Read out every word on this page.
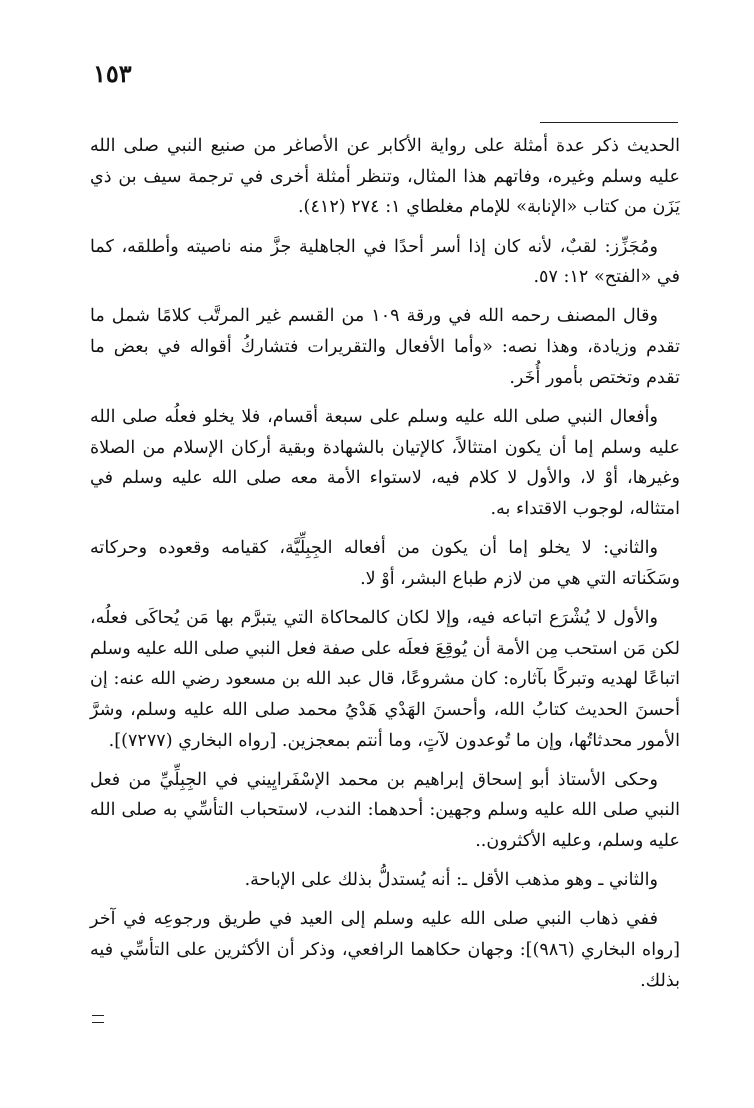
١٥٣

الحديث ذكر عدة أمثلة على رواية الأكابر عن الأصاغر من صنيع النبي صلى الله عليه وسلم وغيره، وفاتهم هذا المثال، وتنظر أمثلة أخرى في ترجمة سيف بن ذي يَزَن من كتاب «الإنابة» للإمام مغلطاي ١: ٢٧٤ (٤١٢).

ومُجَزِّز: لقبٌ، لأنه كان إذا أسر أحدًا في الجاهلية جزَّ منه ناصيته وأطلقه، كما في «الفتح» ١٢: ٥٧.

وقال المصنف رحمه الله في ورقة ١٠٩ من القسم غير المرتَّب كلامًا شمل ما تقدم وزيادة، وهذا نصه: «وأما الأفعال والتقريرات فتشاركُ أقواله في بعض ما تقدم وتختص بأمور أُخَر.

وأفعال النبي صلى الله عليه وسلم على سبعة أقسام، فلا يخلو فعلُه صلى الله عليه وسلم إما أن يكون امتثالاً، كالإتيان بالشهادة وبقية أركان الإسلام من الصلاة وغيرها، أوْ لا، والأول لا كلام فيه، لاستواء الأمة معه صلى الله عليه وسلم في امتثاله، لوجوب الاقتداء به.

والثاني: لا يخلو إما أن يكون من أفعاله الجِبِلِّيَّة، كقيامه وقعوده وحركاته وسَكَناته التي هي من لازم طباع البشر، أوْ لا.

والأول لا يُشْرَع اتباعه فيه، وإلا لكان كالمحاكاة التي يتبرَّم بها مَن يُحاكَى فعلُه، لكن مَن استحب مِن الأمة أن يُوقِعَ فعلَه على صفة فعل النبي صلى الله عليه وسلم اتباعًا لهديه وتبركًا بآثاره: كان مشروعًا، قال عبد الله بن مسعود رضي الله عنه: إن أحسنَ الحديث كتابُ الله، وأحسنَ الهَدْي هَدْيُ محمد صلى الله عليه وسلم، وشرَّ الأمور محدثاتُها، وإن ما تُوعدون لآتٍ، وما أنتم بمعجزين. [رواه البخاري (٧٢٧٧)].

وحكى الأستاذ أبو إسحاق إبراهيم بن محمد الإسْفَرايِيني في الجِبِلِّيِّ من فعل النبي صلى الله عليه وسلم وجهين: أحدهما: الندب، لاستحباب التأسِّي به صلى الله عليه وسلم، وعليه الأكثرون..

والثاني ـ وهو مذهب الأقل ـ: أنه يُستدلُّ بذلك على الإباحة.

ففي ذهاب النبي صلى الله عليه وسلم إلى العيد في طريق ورجوعِه في آخر [رواه البخاري (٩٨٦)]: وجهان حكاهما الرافعي، وذكر أن الأكثرين على التأسِّي فيه بذلك.
